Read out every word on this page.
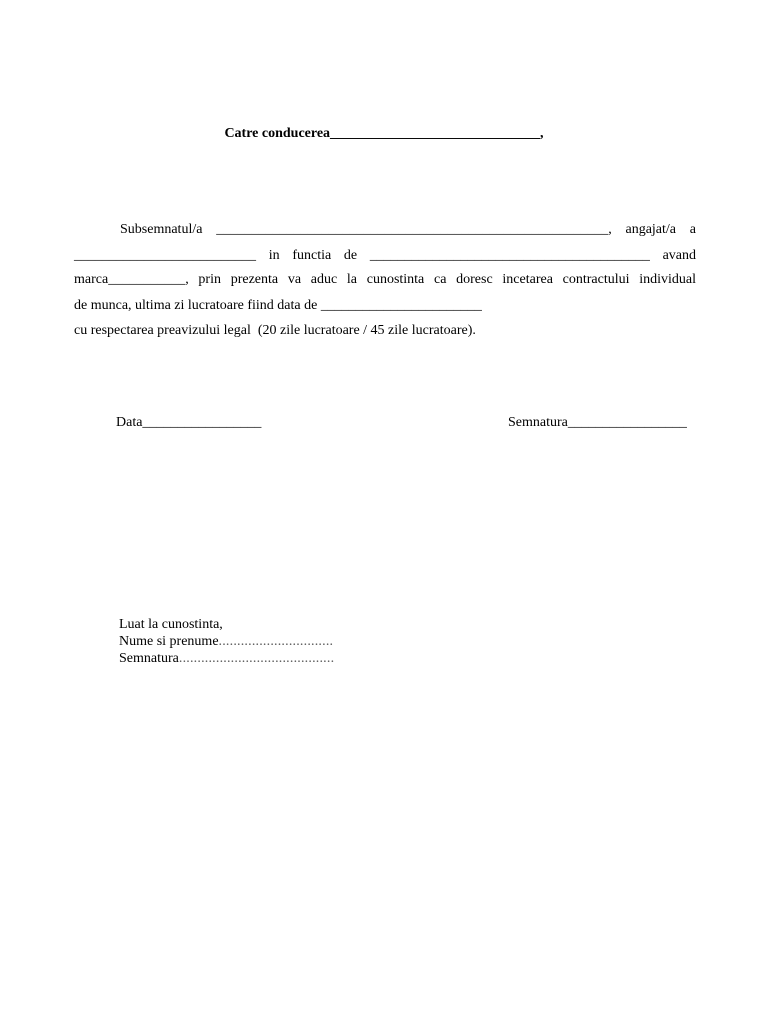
Catre conducerea______________________________,
Subsemnatul/a  ________________________________________________________,  angajat/a  a
__________________________ in functia de ________________________________________ avand
marca___________, prin prezenta va aduc la cunostinta ca doresc incetarea contractului individual
de munca, ultima zi lucratoare fiind data de _______________________
cu respectarea preavizului legal  (20 zile lucratoare / 45 zile lucratoare).
Data_________________	Semnatura_________________
Luat la cunostinta,
Nume si prenume...............................
Semnatura..........................................
